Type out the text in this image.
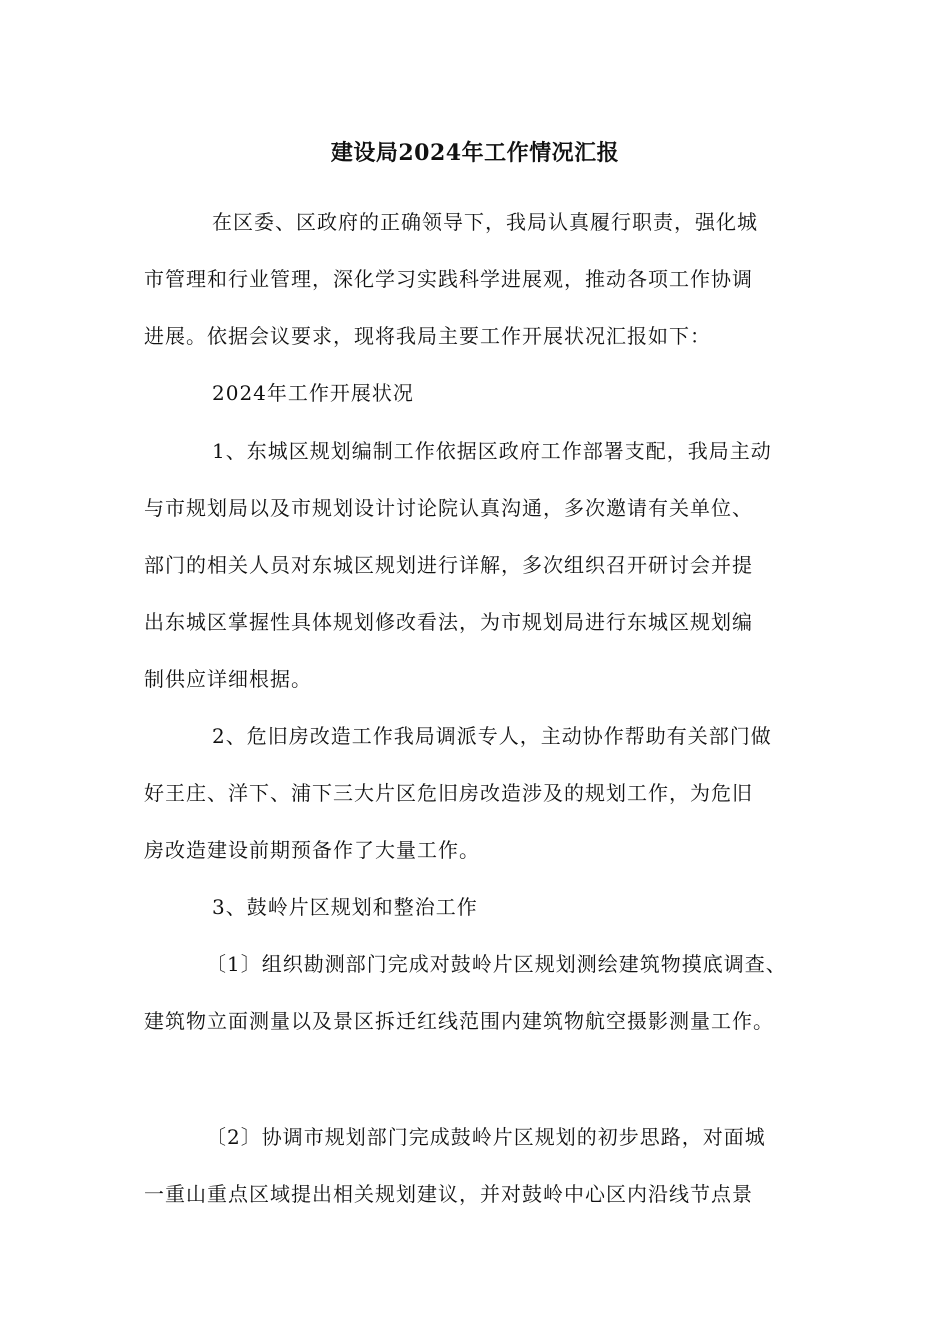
建设局2024年工作情况汇报
在区委、区政府的正确领导下，我局认真履行职责，强化城
市管理和行业管理，深化学习实践科学进展观，推动各项工作协调
进展。依据会议要求，现将我局主要工作开展状况汇报如下：
2024年工作开展状况
1、东城区规划编制工作依据区政府工作部署支配，我局主动
与市规划局以及市规划设计讨论院认真沟通，多次邀请有关单位、
部门的相关人员对东城区规划进行详解，多次组织召开研讨会并提
出东城区掌握性具体规划修改看法，为市规划局进行东城区规划编
制供应详细根据。
2、危旧房改造工作我局调派专人，主动协作帮助有关部门做
好王庄、洋下、浦下三大片区危旧房改造涉及的规划工作，为危旧
房改造建设前期预备作了大量工作。
3、鼓岭片区规划和整治工作
〔1〕组织勘测部门完成对鼓岭片区规划测绘建筑物摸底调查、
建筑物立面测量以及景区拆迁红线范围内建筑物航空摄影测量工作。
〔2〕协调市规划部门完成鼓岭片区规划的初步思路，对面城
一重山重点区域提出相关规划建议，并对鼓岭中心区内沿线节点景
